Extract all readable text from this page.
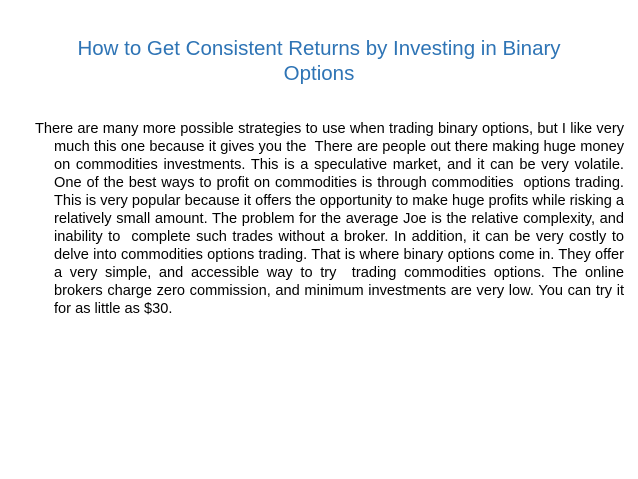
How to Get Consistent Returns by Investing in Binary Options

There are many more possible strategies to use when trading binary options, but I like very much this one because it gives you the  There are people out there making huge money on commodities investments. This is a speculative market, and it can be very volatile. One of the best ways to profit on commodities is through commodities  options trading. This is very popular because it offers the opportunity to make huge profits while risking a relatively small amount. The problem for the average Joe is the relative complexity, and inability to  complete such trades without a broker. In addition, it can be very costly to delve into commodities options trading. That is where binary options come in. They offer a very simple, and accessible way to try  trading commodities options. The online brokers charge zero commission, and minimum investments are very low. You can try it for as little as $30.
